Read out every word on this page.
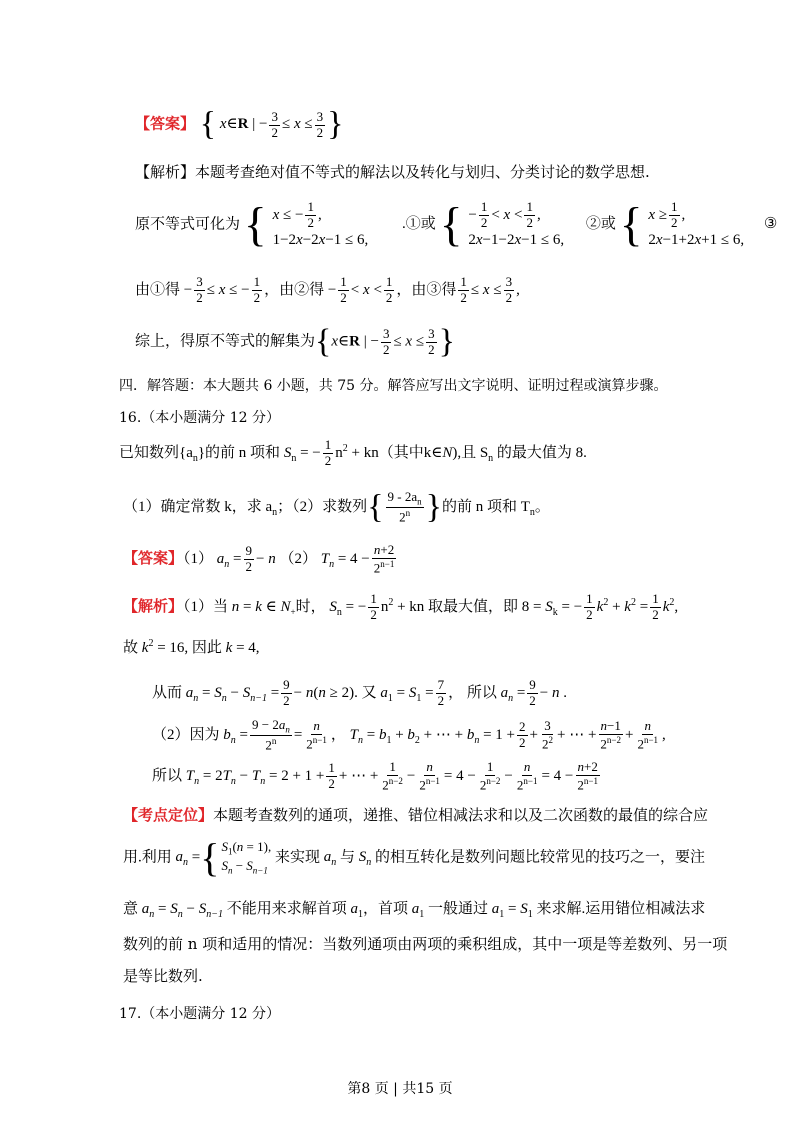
【答案】 { x∈R | − $\frac{3}{2} \le x \le \frac{3}{2}$ }
【解析】本题考查绝对值不等式的解法以及转化与划归、分类讨论的数学思想.
原不等式可化为 { x ≤ − $\frac{1}{2}$ ,
1−2x−2x−1 ≤ 6,
.①或 { − $\frac{1}{2} < x < \frac{1}{2}$ ,
2x−1−2x−1 ≤ 6,
②或 { $x \ge \frac{1}{2}$ ,
2x−1+2x+1 ≤ 6,
③
由①得 − $\frac{3}{2} \le x$ ≤ − $\frac{1}{2}$ ，由②得 − $\frac{1}{2} < x < \frac{1}{2}$ ，由③得 $\frac{1}{2} \le x \le \frac{3}{2}$ ,
综上，得原不等式的解集为{x∈R | − $\frac{3}{2} \le x \le \frac{3}{2}$ }
四．解答题：本大题共 6 小题，共 75 分。解答应写出文字说明、证明过程或演算步骤。
16.（本小题满分 12 分）
已知数列$\{a_n\}$的前 n 项和 $S_n$ = − $\frac{1}{2} n^2 + kn$（其中k∈N),且 $S_n$ 的最大值为 8.
（1）确定常数 k，求 $a_n$；（2）求数列{ $\frac{9 - 2a_n}{2^n}$ }的前 n 项和 $T_n$。
【答案】（1） $a_n = \frac{9}{2} - n$ （2） $T_n = 4 - \frac{n+2}{2^{n-1}}$
【解析】（1）当 n = k ∈ $N_+$时， $S_n$ = − $\frac{1}{2} n^2$ + kn 取最大值，即 $8 = S_k$ = − $\frac{1}{2} k^2 + k^2 = \frac{1}{2} k^2$,
故 $k^2 = 16$, 因此 k = 4,
从而 $a_n = S_n - S_{n-1} = \frac{9}{2} - n(n \ge 2)$. 又 $a_1 = S_1 = \frac{7}{2}$ ， 所以 $a_n = \frac{9}{2} - n$ .
（2）因为 $b_n = \frac{9 - 2a_n}{2^n} = \frac{n}{2^{n-1}}$ ， $T_n = b_1 + b_2$ + ⋯ + $b_n = 1 + \frac{2}{2} + \frac{3}{2^2}$ + ⋯ + $\frac{n-1}{2^{n-2}} + \frac{n}{2^{n-1}}$ ,
所以 $T_n = 2T_n - T_n = 2 + 1 + \frac{1}{2}$ + ⋯ + $\frac{1}{2^{n-2}} - \frac{n}{2^{n-1}} = 4 - \frac{1}{2^{n-2}} - \frac{n}{2^{n-1}} = 4 - \frac{n+2}{2^{n-1}}$
【考点定位】本题考查数列的通项，递推、错位相减法求和以及二次函数的最值的综合应
用.利用 $a_n$ ={ $S_1(n = 1)$,
$S_n - S_{n-1}$
来实现 $a_n$ 与 $S_n$ 的相互转化是数列问题比较常见的技巧之一，要注
意 $a_n = S_n - S_{n-1}$ 不能用来求解首项 $a_1$，首项 $a_1$ 一般通过 $a_1 = S_1$ 来求解.运用错位相减法求
数列的前 n 项和适用的情况：当数列通项由两项的乘积组成，其中一项是等差数列、另一项
是等比数列.
17.（本小题满分 12 分）
第8 页 | 共15 页
